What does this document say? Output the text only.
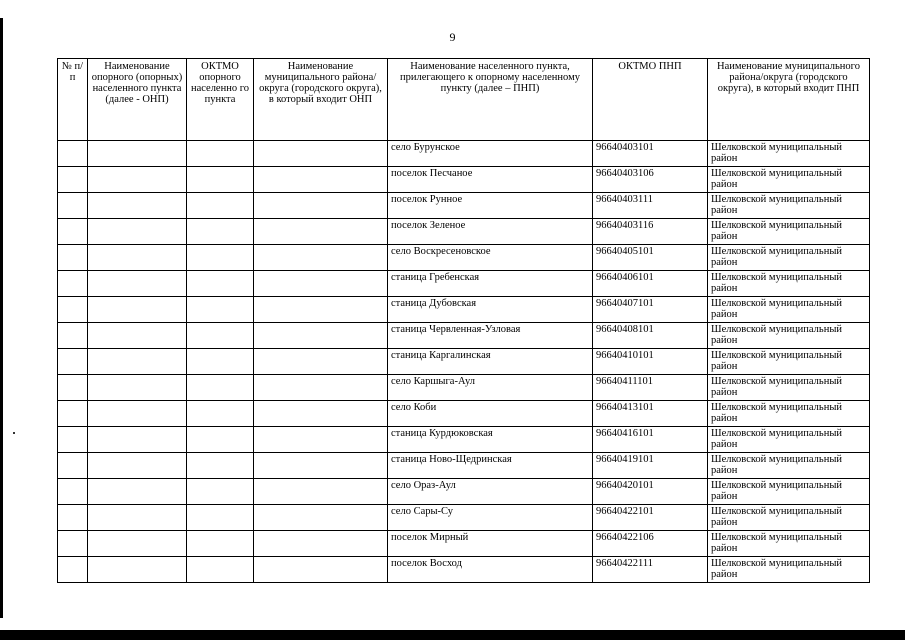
9
№ п/п	Наименование опорного (опорных) населенного пункта (далее - ОНП)	ОКТМО опорного населенно го пункта	Наименование муниципального района/округа (городского округа), в который входит ОНП	Наименование населенного пункта, прилегающего к опорному населенному пункту (далее – ПНП)	ОКТМО ПНП	Наименование муниципального района/округа (городского округа), в который входит ПНП
				село Бурунское	96640403101	Шелковской муниципальный район
				поселок Песчаное	96640403106	Шелковской муниципальный район
				поселок Рунное	96640403111	Шелковской муниципальный район
				поселок Зеленое	96640403116	Шелковской муниципальный район
				село Воскресеновское	96640405101	Шелковской муниципальный район
				станица Гребенская	96640406101	Шелковской муниципальный район
				станица Дубовская	96640407101	Шелковской муниципальный район
				станица Червленная-Узловая	96640408101	Шелковской муниципальный район
				станица Каргалинская	96640410101	Шелковской муниципальный район
				село Каршыга-Аул	96640411101	Шелковской муниципальный район
				село Коби	96640413101	Шелковской муниципальный район
				станица Курдюковская	96640416101	Шелковской муниципальный район
				станица Ново-Щедринская	96640419101	Шелковской муниципальный район
				село Ораз-Аул	96640420101	Шелковской муниципальный район
				село Сары-Су	96640422101	Шелковской муниципальный район
				поселок Мирный	96640422106	Шелковской муниципальный район
				поселок Восход	96640422111	Шелковской муниципальный район
